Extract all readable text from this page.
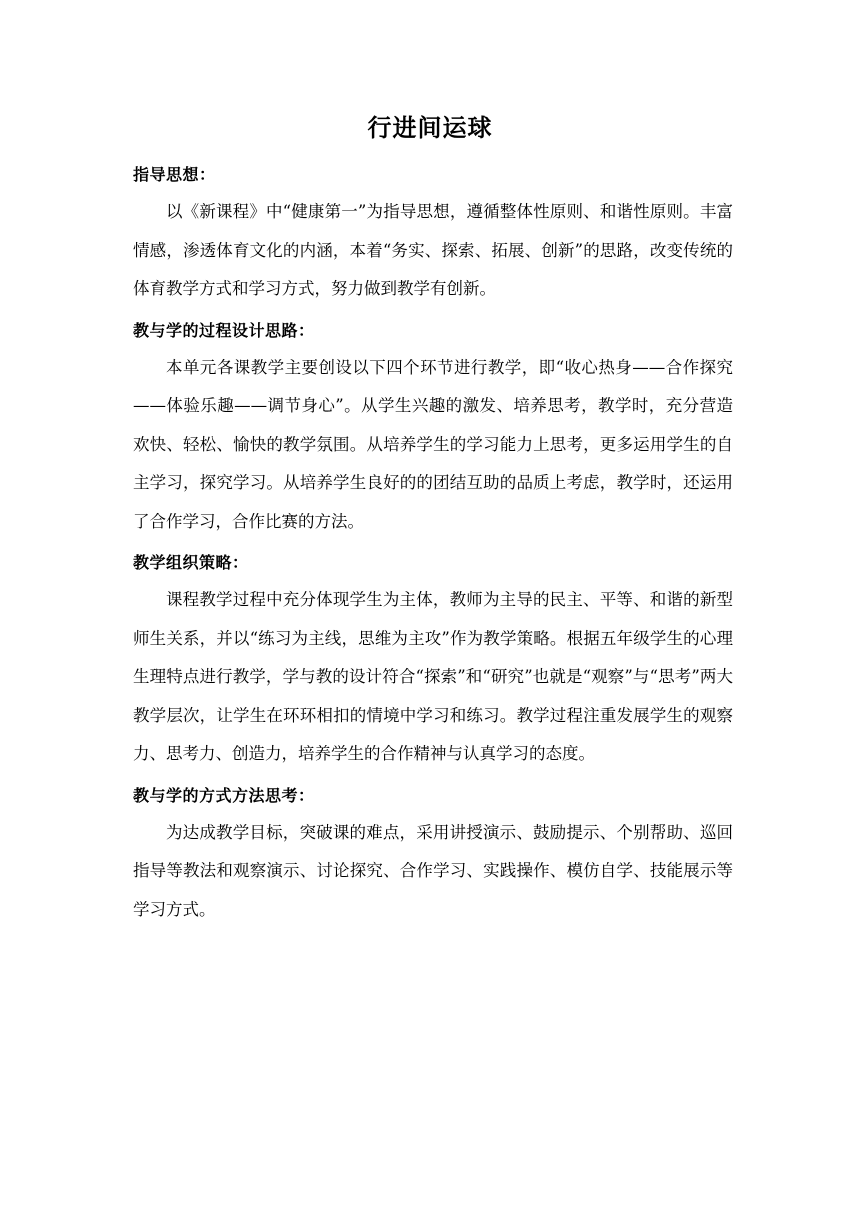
行进间运球

指导思想：

以《新课程》中“健康第一”为指导思想，遵循整体性原则、和谐性原则。丰富情感，渗透体育文化的内涵，本着“务实、探索、拓展、创新”的思路，改变传统的体育教学方式和学习方式，努力做到教学有创新。

教与学的过程设计思路：

本单元各课教学主要创设以下四个环节进行教学，即“收心热身——合作探究——体验乐趣——调节身心”。从学生兴趣的激发、培养思考，教学时，充分营造欢快、轻松、愉快的教学氛围。从培养学生的学习能力上思考，更多运用学生的自主学习，探究学习。从培养学生良好的的团结互助的品质上考虑，教学时，还运用了合作学习，合作比赛的方法。

教学组织策略：

课程教学过程中充分体现学生为主体，教师为主导的民主、平等、和谐的新型师生关系，并以“练习为主线，思维为主攻”作为教学策略。根据五年级学生的心理生理特点进行教学，学与教的设计符合“探索”和“研究”也就是“观察”与“思考”两大教学层次，让学生在环环相扣的情境中学习和练习。教学过程注重发展学生的观察力、思考力、创造力，培养学生的合作精神与认真学习的态度。

教与学的方式方法思考：

为达成教学目标，突破课的难点，采用讲授演示、鼓励提示、个别帮助、巡回指导等教法和观察演示、讨论探究、合作学习、实践操作、模仿自学、技能展示等学习方式。
